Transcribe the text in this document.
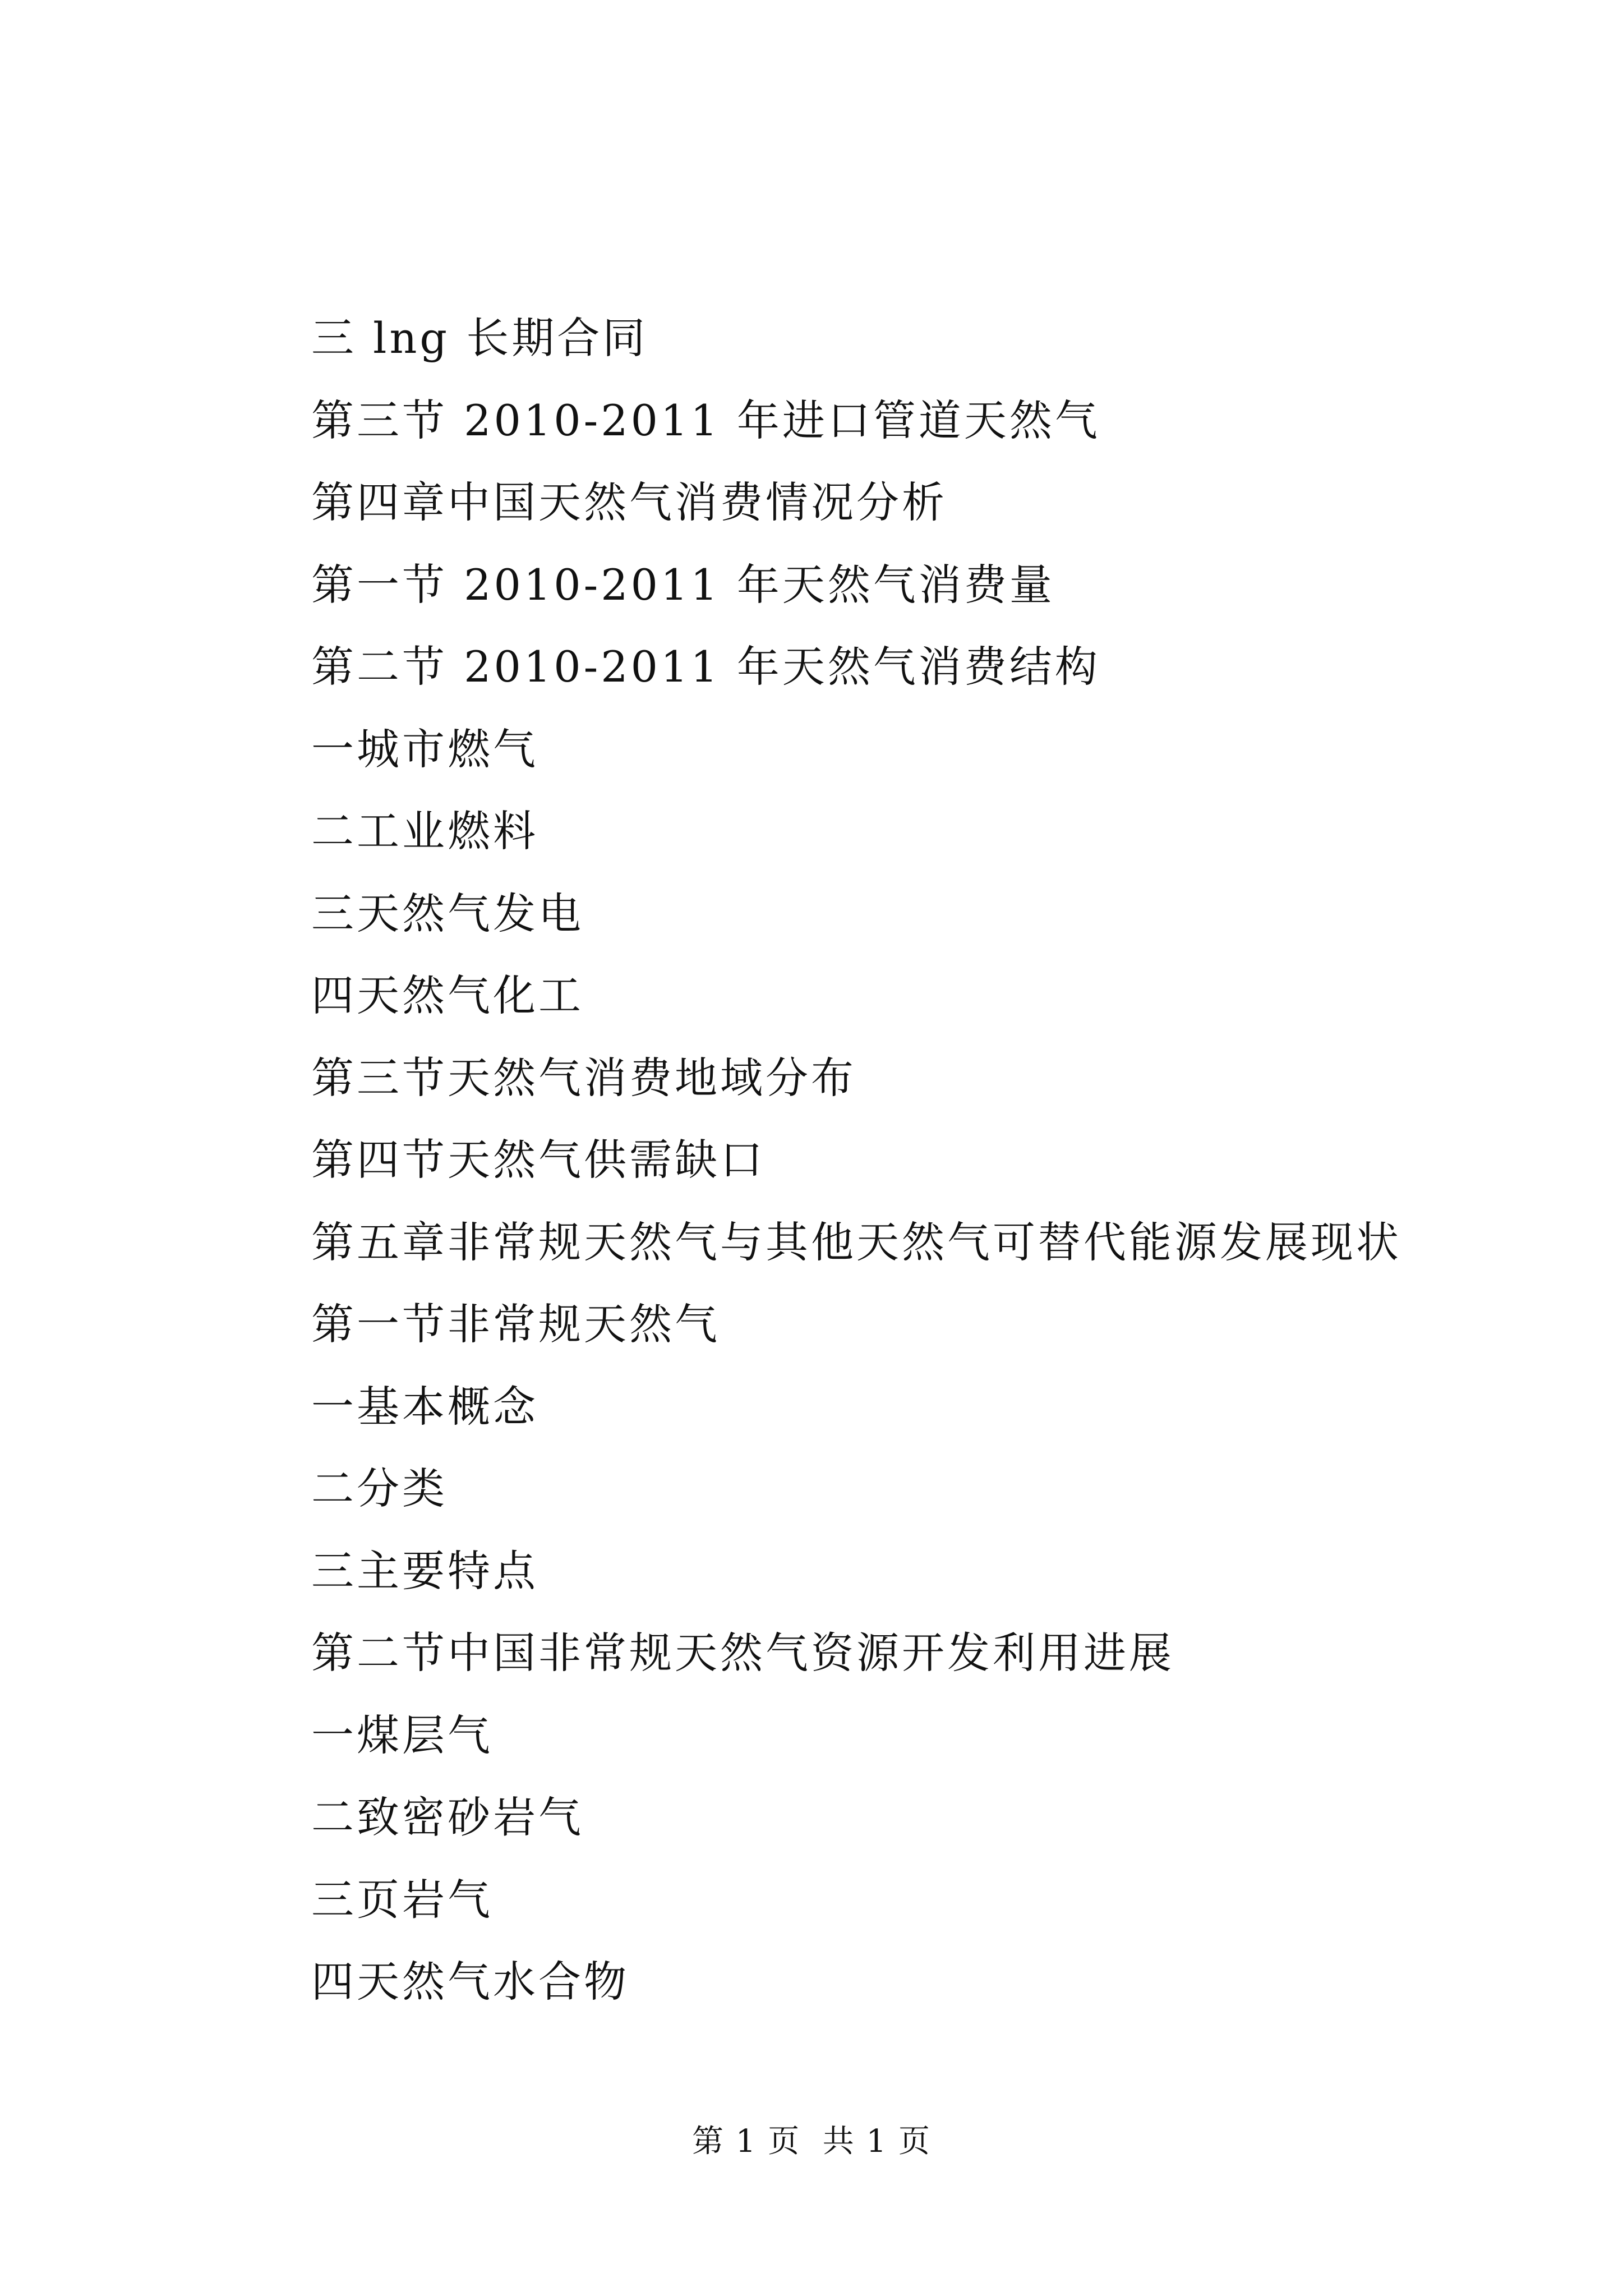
三 lng 长期合同
第三节 2010-2011 年进口管道天然气
第四章中国天然气消费情况分析
第一节 2010-2011 年天然气消费量
第二节 2010-2011 年天然气消费结构
一城市燃气
二工业燃料
三天然气发电
四天然气化工
第三节天然气消费地域分布
第四节天然气供需缺口
第五章非常规天然气与其他天然气可替代能源发展现状
第一节非常规天然气
一基本概念
二分类
三主要特点
第二节中国非常规天然气资源开发利用进展
一煤层气
二致密砂岩气
三页岩气
四天然气水合物
第 1 页  共 1 页
